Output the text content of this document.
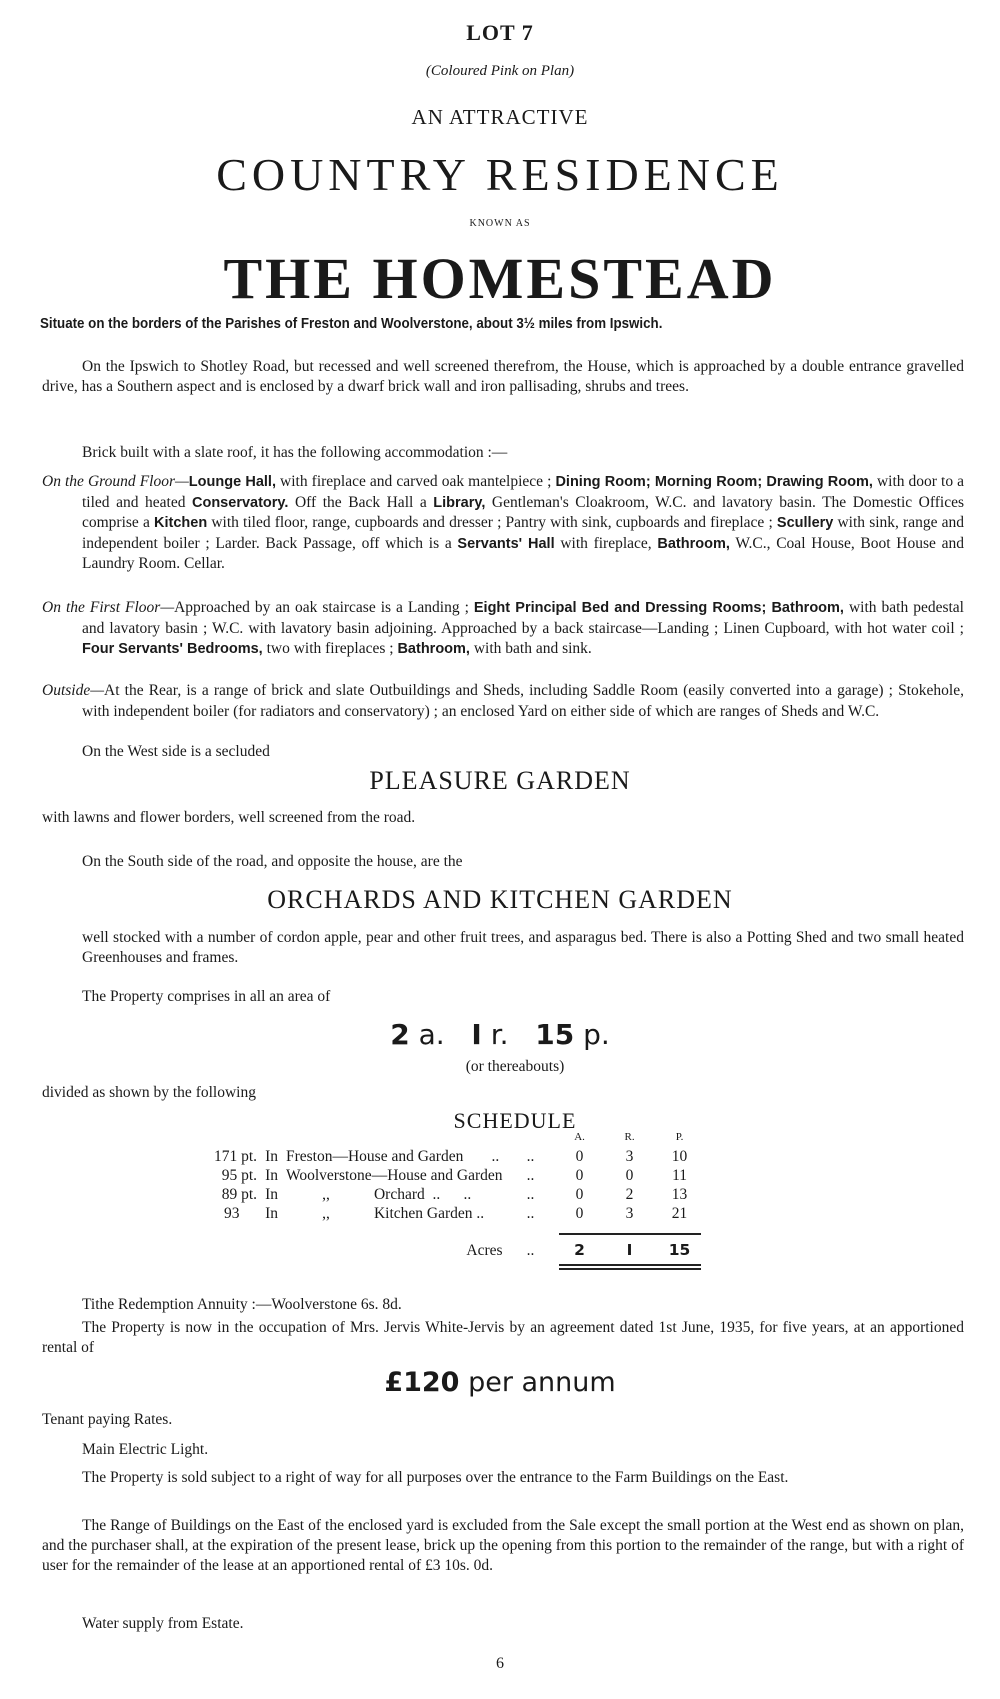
LOT 7
(Coloured Pink on Plan)
AN ATTRACTIVE
COUNTRY RESIDENCE
KNOWN AS
THE HOMESTEAD
Situate on the borders of the Parishes of Freston and Woolverstone, about 3½ miles from Ipswich.
On the Ipswich to Shotley Road, but recessed and well screened therefrom, the House, which is approached by a double entrance gravelled drive, has a Southern aspect and is enclosed by a dwarf brick wall and iron pallisading, shrubs and trees.
Brick built with a slate roof, it has the following accommodation :—
On the Ground Floor—Lounge Hall, with fireplace and carved oak mantelpiece ; Dining Room; Morning Room; Drawing Room, with door to a tiled and heated Conservatory. Off the Back Hall a Library, Gentleman's Cloakroom, W.C. and lavatory basin. The Domestic Offices comprise a Kitchen with tiled floor, range, cupboards and dresser ; Pantry with sink, cupboards and fireplace ; Scullery with sink, range and independent boiler ; Larder. Back Passage, off which is a Servants' Hall with fireplace, Bathroom, W.C., Coal House, Boot House and Laundry Room. Cellar.
On the First Floor—Approached by an oak staircase is a Landing ; Eight Principal Bed and Dressing Rooms; Bathroom, with bath pedestal and lavatory basin ; W.C. with lavatory basin adjoining. Approached by a back staircase—Landing ; Linen Cupboard, with hot water coil ; Four Servants' Bedrooms, two with fireplaces ; Bathroom, with bath and sink.
Outside—At the Rear, is a range of brick and slate Outbuildings and Sheds, including Saddle Room (easily converted into a garage) ; Stokehole, with independent boiler (for radiators and conservatory) ; an enclosed Yard on either side of which are ranges of Sheds and W.C.
On the West side is a secluded
PLEASURE GARDEN
with lawns and flower borders, well screened from the road.
On the South side of the road, and opposite the house, are the
ORCHARDS AND KITCHEN GARDEN
well stocked with a number of cordon apple, pear and other fruit trees, and asparagus bed. There is also a Potting Shed and two small heated Greenhouses and frames.
The Property comprises in all an area of
2 a. I r. 15 p.
(or thereabouts)
divided as shown by the following
SCHEDULE
						A.	R.	P.
171 pt.	In	Freston—House and Garden		..	..	0	3	10
95 pt.	In	Woolverstone—House and Garden			..	0	0	11
89 pt.	In	,,	Orchard  ..      ..		..	0	2	13
93	In	,,	Kitchen Garden ..		..	0	3	21

Acres					..	2	I	15

Tithe Redemption Annuity :—Woolverstone 6s. 8d.
The Property is now in the occupation of Mrs. Jervis White-Jervis by an agreement dated 1st June, 1935, for five years, at an apportioned rental of
£120 per annum
Tenant paying Rates.
Main Electric Light.
The Property is sold subject to a right of way for all purposes over the entrance to the Farm Buildings on the East.
The Range of Buildings on the East of the enclosed yard is excluded from the Sale except the small portion at the West end as shown on plan, and the purchaser shall, at the expiration of the present lease, brick up the opening from this portion to the remainder of the range, but with a right of user for the remainder of the lease at an apportioned rental of £3 10s. 0d.
Water supply from Estate.
6
